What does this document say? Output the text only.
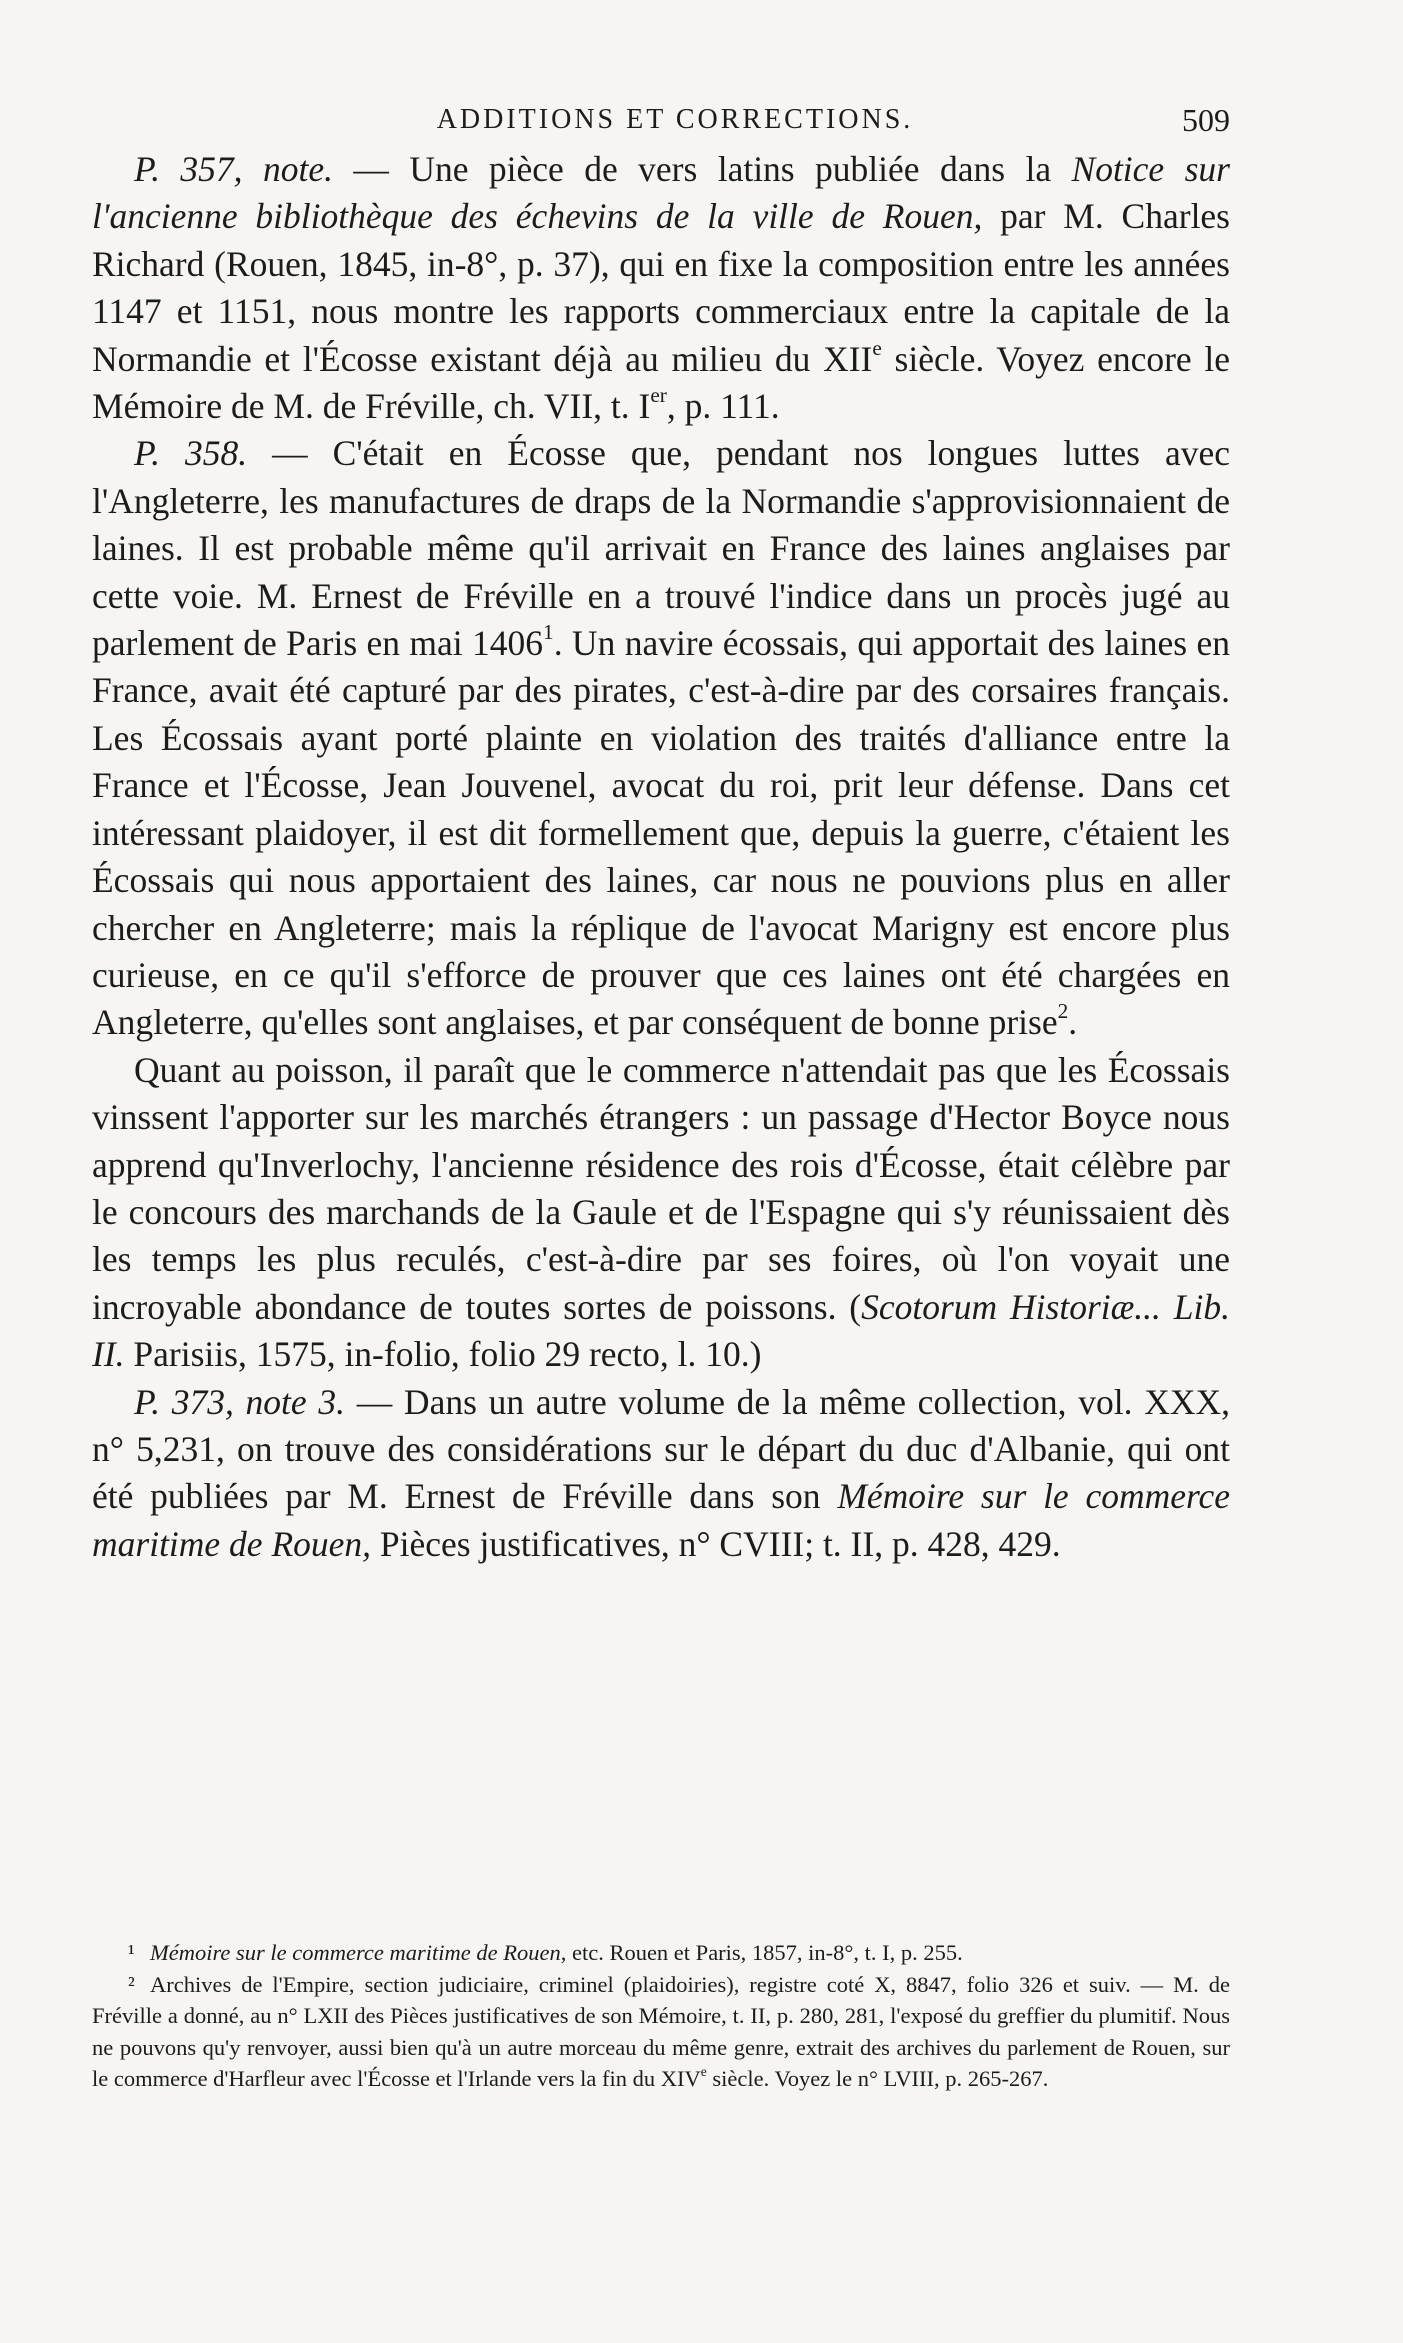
ADDITIONS ET CORRECTIONS.	509

P. 357, note. — Une pièce de vers latins publiée dans la Notice sur l'ancienne bibliothèque des échevins de la ville de Rouen, par M. Charles Richard (Rouen, 1845, in-8°, p. 37), qui en fixe la composition entre les années 1147 et 1151, nous montre les rapports commerciaux entre la capitale de la Normandie et l'Écosse existant déjà au milieu du XIIe siècle. Voyez encore le Mémoire de M. de Fréville, ch. VII, t. Ier, p. 111.

P. 358. — C'était en Écosse que, pendant nos longues luttes avec l'Angleterre, les manufactures de draps de la Normandie s'approvisionnaient de laines. Il est probable même qu'il arrivait en France des laines anglaises par cette voie. M. Ernest de Fréville en a trouvé l'indice dans un procès jugé au parlement de Paris en mai 1406$^1$. Un navire écossais, qui apportait des laines en France, avait été capturé par des pirates, c'est-à-dire par des corsaires français. Les Écossais ayant porté plainte en violation des traités d'alliance entre la France et l'Écosse, Jean Jouvenel, avocat du roi, prit leur défense. Dans cet intéressant plaidoyer, il est dit formellement que, depuis la guerre, c'étaient les Écossais qui nous apportaient des laines, car nous ne pouvions plus en aller chercher en Angleterre; mais la réplique de l'avocat Marigny est encore plus curieuse, en ce qu'il s'efforce de prouver que ces laines ont été chargées en Angleterre, qu'elles sont anglaises, et par conséquent de bonne prise$^2$.

Quant au poisson, il paraît que le commerce n'attendait pas que les Écossais vinssent l'apporter sur les marchés étrangers : un passage d'Hector Boyce nous apprend qu'Inverlochy, l'ancienne résidence des rois d'Écosse, était célèbre par le concours des marchands de la Gaule et de l'Espagne qui s'y réunissaient dès les temps les plus reculés, c'est-à-dire par ses foires, où l'on voyait une incroyable abondance de toutes sortes de poissons. (Scotorum Historiæ... Lib. II. Parisiis, 1575, in-folio, folio 29 recto, l. 10.)

P. 373, note 3. — Dans un autre volume de la même collection, vol. XXX, n° 5,231, on trouve des considérations sur le départ du duc d'Albanie, qui ont été publiées par M. Ernest de Fréville dans son Mémoire sur le commerce maritime de Rouen, Pièces justificatives, n° CVIII; t. II, p. 428, 429.

¹ Mémoire sur le commerce maritime de Rouen, etc. Rouen et Paris, 1857, in-8°, t. I, p. 255.

² Archives de l'Empire, section judiciaire, criminel (plaidoiries), registre coté X, 8847, folio 326 et suiv. — M. de Fréville a donné, au n° LXII des Pièces justificatives de son Mémoire, t. II, p. 280, 281, l'exposé du greffier du plumitif. Nous ne pouvons qu'y renvoyer, aussi bien qu'à un autre morceau du même genre, extrait des archives du parlement de Rouen, sur le commerce d'Harfleur avec l'Écosse et l'Irlande vers la fin du XIVe siècle. Voyez le n° LVIII, p. 265-267.
